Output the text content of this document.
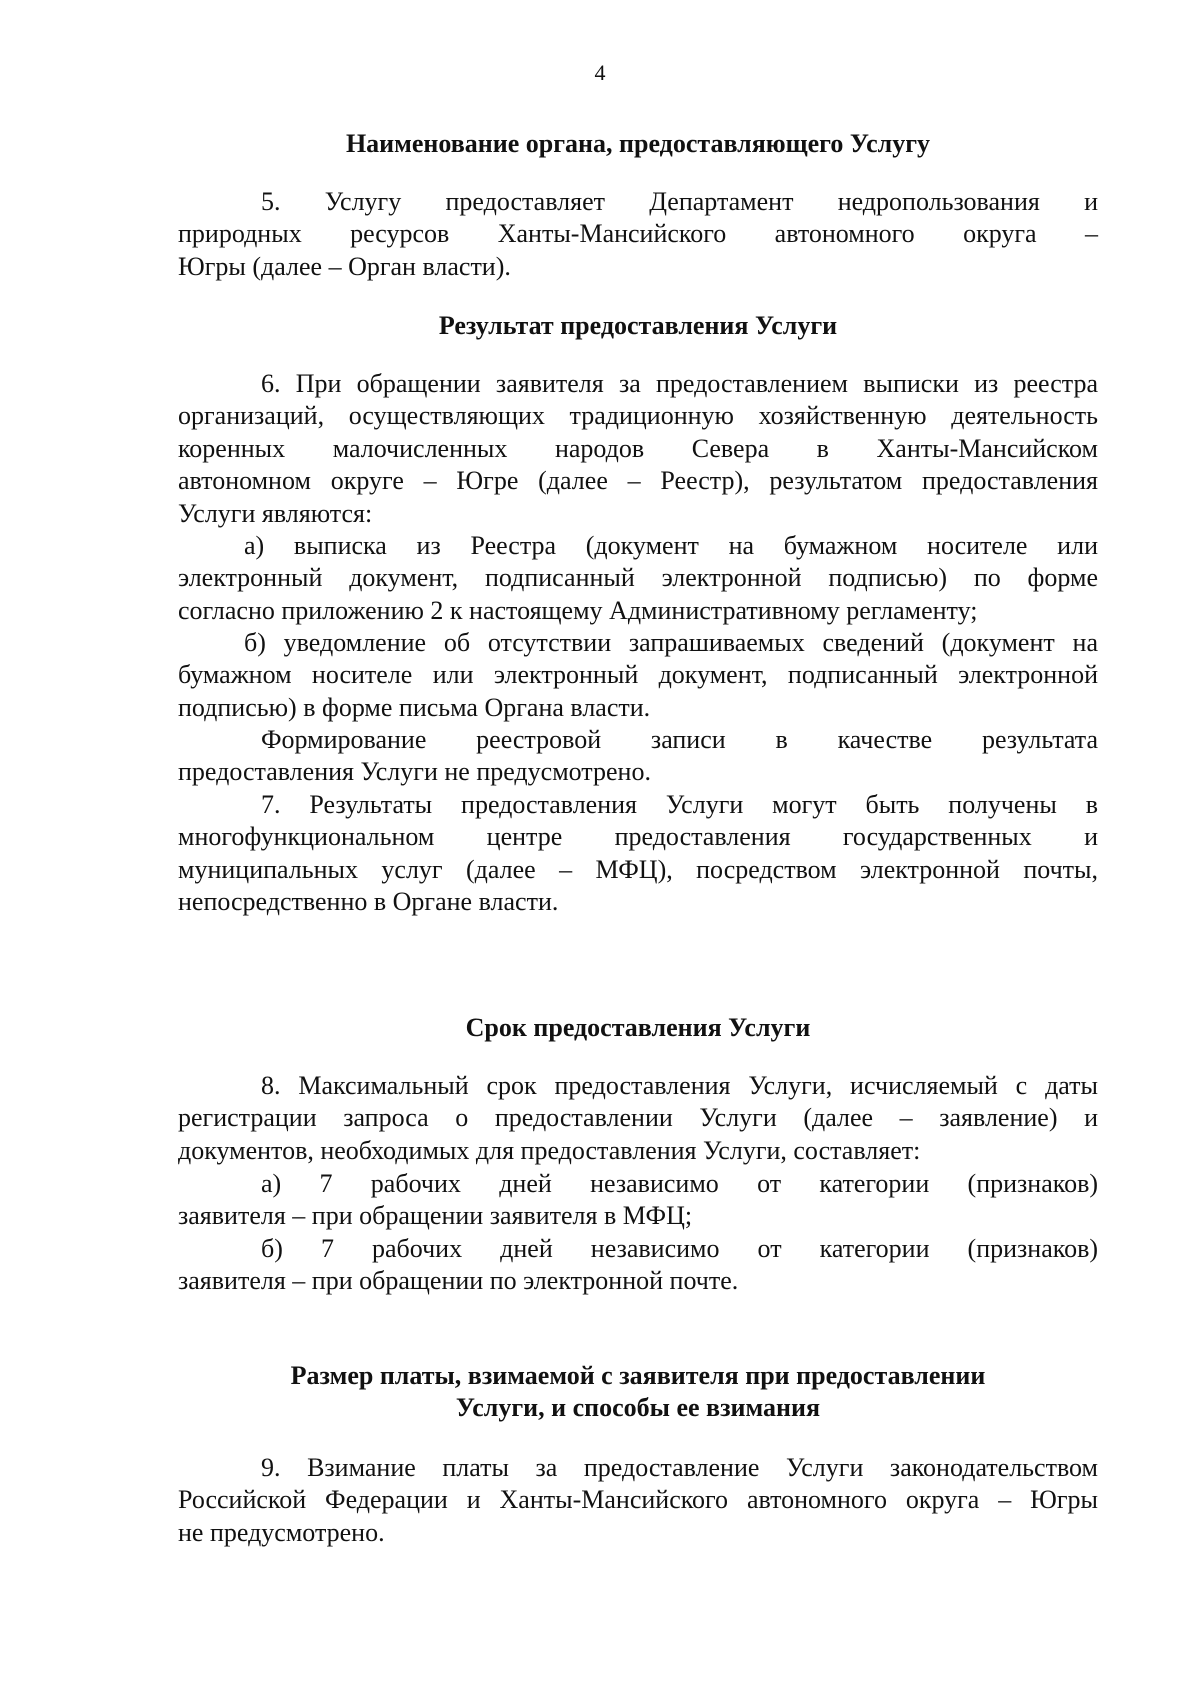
4
Наименование органа, предоставляющего Услугу
5. Услугу предоставляет Департамент недропользования и
природных ресурсов Ханты-Мансийского автономного округа –
Югры (далее – Орган власти).
Результат предоставления Услуги
6. При обращении заявителя за предоставлением выписки из реестра
организаций, осуществляющих традиционную хозяйственную деятельность
коренных малочисленных народов Севера в Ханты-Мансийском
автономном округе – Югре (далее – Реестр), результатом предоставления
Услуги являются:
а) выписка из Реестра (документ на бумажном носителе или
электронный документ, подписанный электронной подписью) по форме
согласно приложению 2 к настоящему Административному регламенту;
б) уведомление об отсутствии запрашиваемых сведений (документ на
бумажном носителе или электронный документ, подписанный электронной
подписью) в форме письма Органа власти.
Формирование реестровой записи в качестве результата
предоставления Услуги не предусмотрено.
7. Результаты предоставления Услуги могут быть получены в
многофункциональном центре предоставления государственных и
муниципальных услуг (далее – МФЦ), посредством электронной почты,
непосредственно в Органе власти.
Срок предоставления Услуги
8. Максимальный срок предоставления Услуги, исчисляемый с даты
регистрации запроса о предоставлении Услуги (далее – заявление) и
документов, необходимых для предоставления Услуги, составляет:
а) 7 рабочих дней независимо от категории (признаков)
заявителя – при обращении заявителя в МФЦ;
б) 7 рабочих дней независимо от категории (признаков)
заявителя – при обращении по электронной почте.
Размер платы, взимаемой с заявителя при предоставлении
Услуги, и способы ее взимания
9. Взимание платы за предоставление Услуги законодательством
Российской Федерации и Ханты-Мансийского автономного округа – Югры
не предусмотрено.
